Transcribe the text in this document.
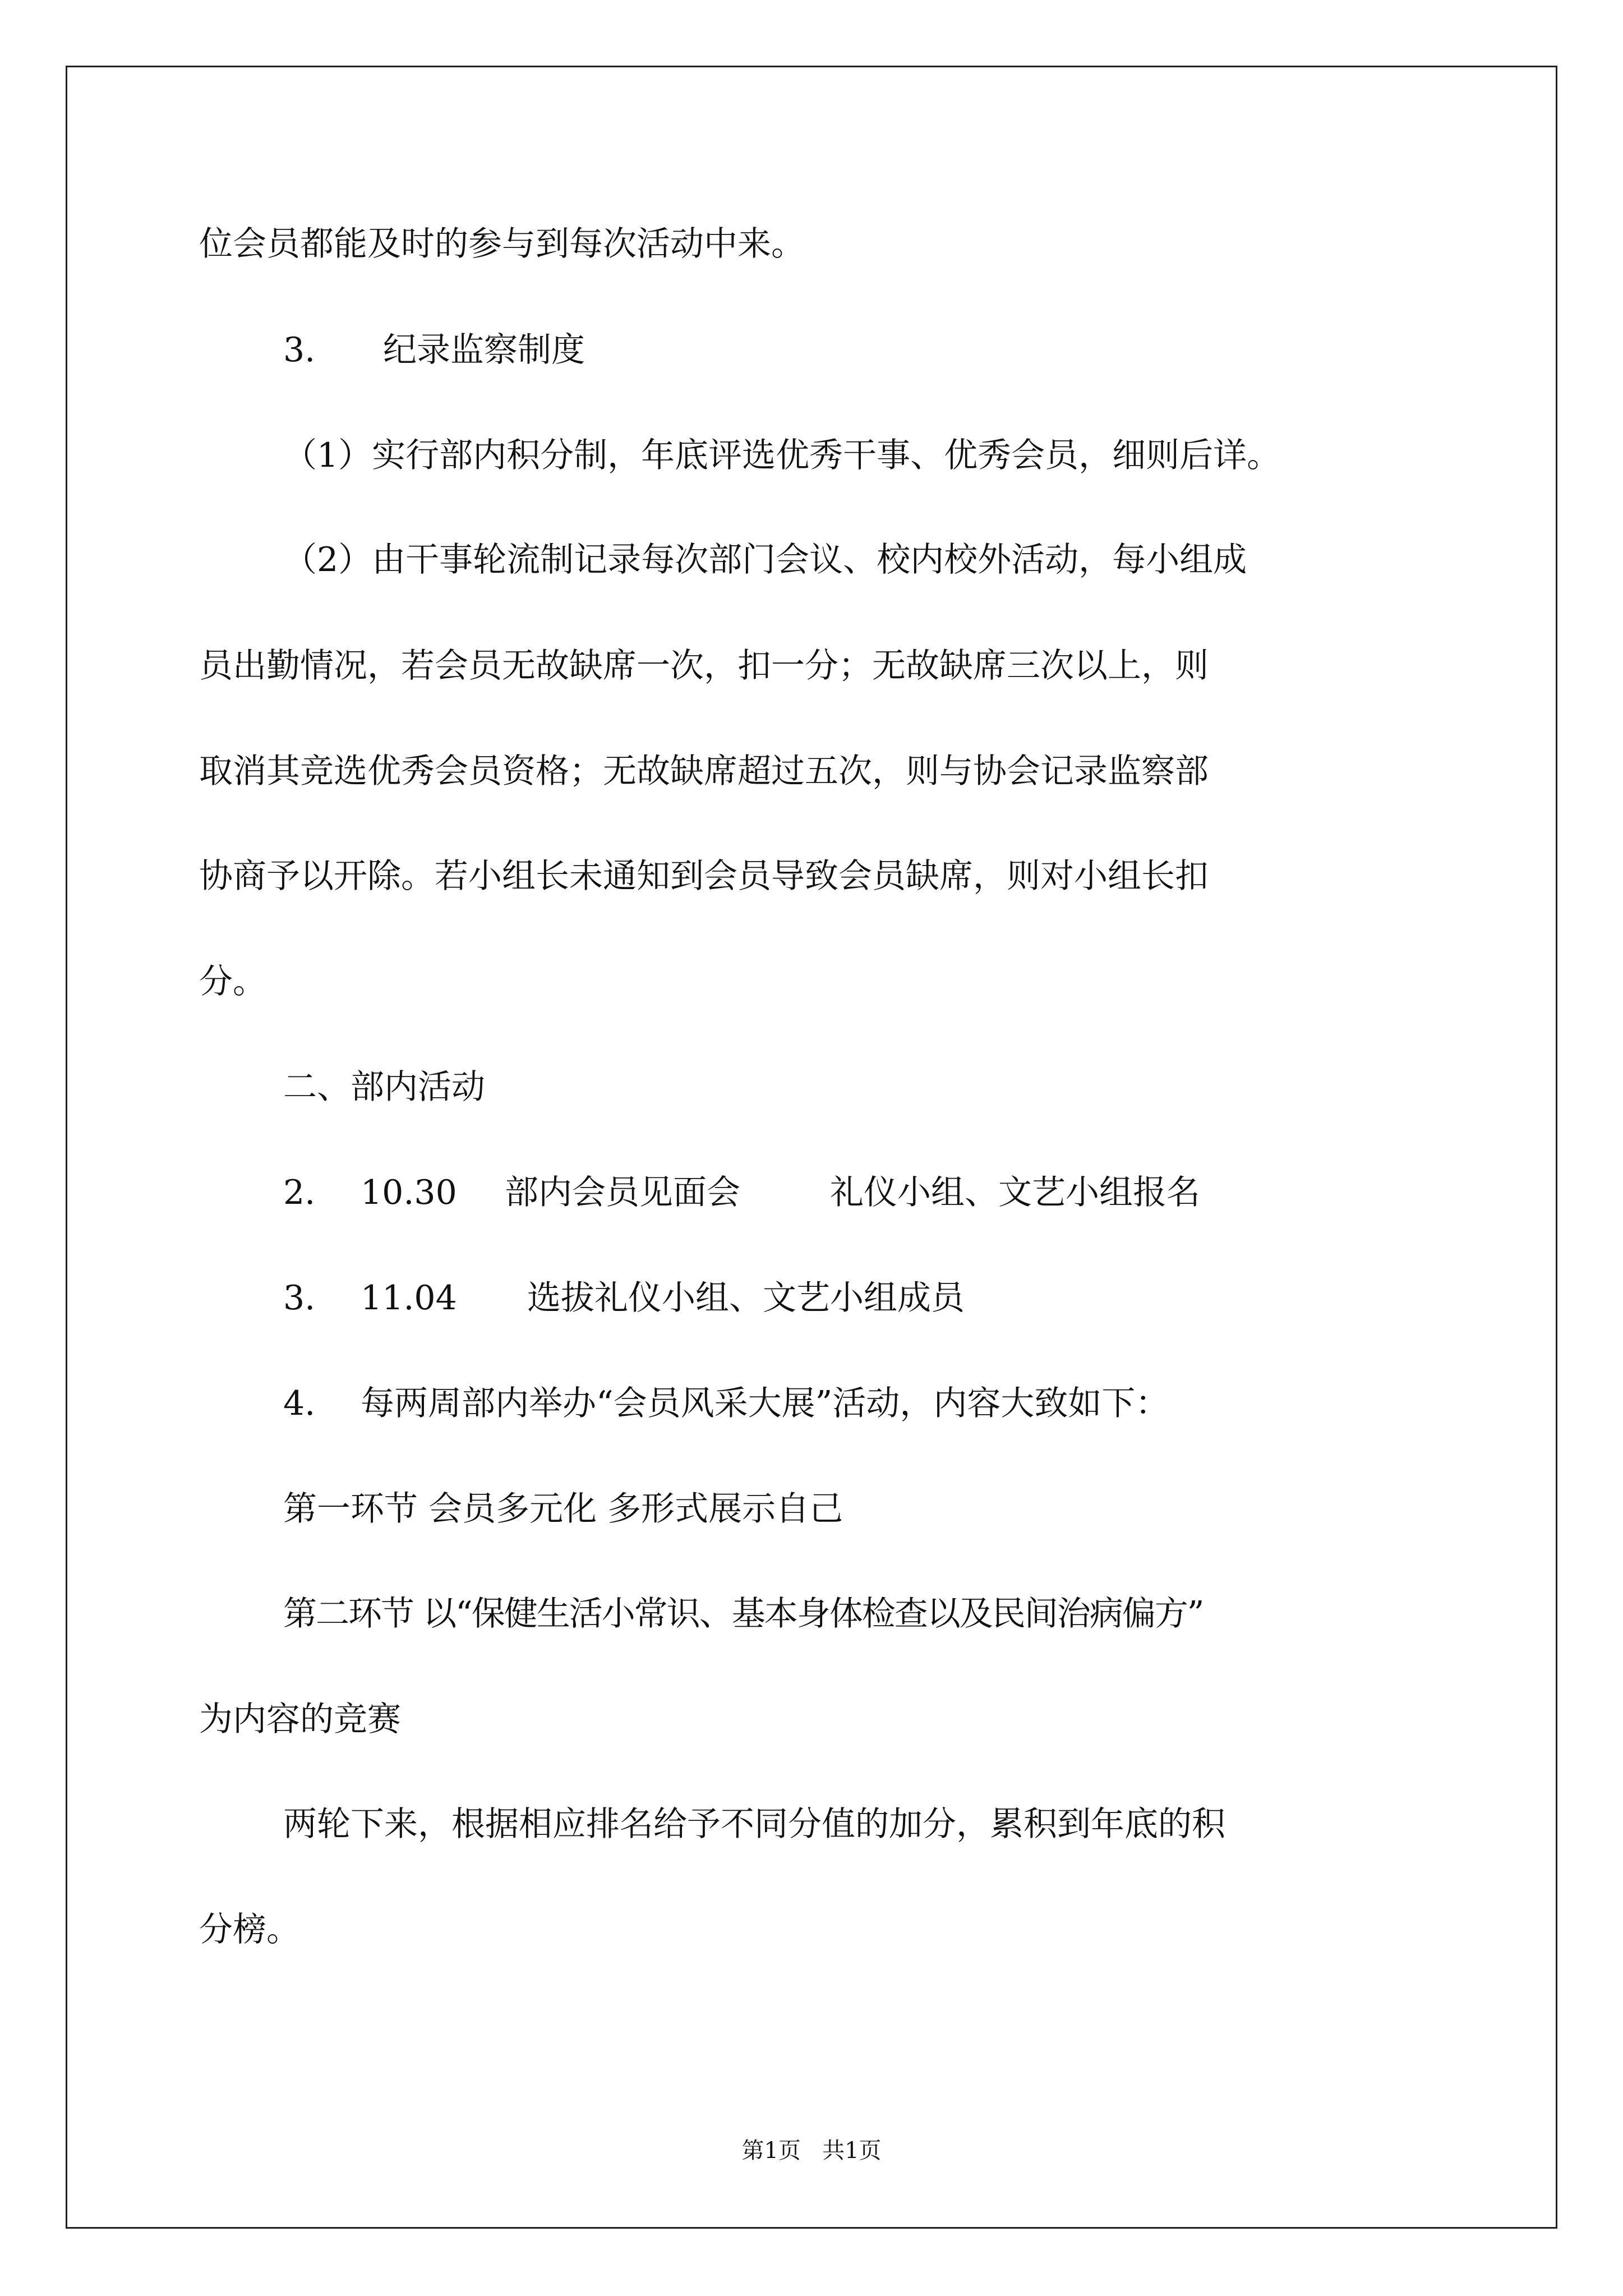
位会员都能及时的参与到每次活动中来。
3. 纪录监察制度
（1）实行部内积分制，年底评选优秀干事、优秀会员，细则后详。
（2）由干事轮流制记录每次部门会议、校内校外活动，每小组成
员出勤情况，若会员无故缺席一次，扣一分；无故缺席三次以上，则
取消其竞选优秀会员资格；无故缺席超过五次，则与协会记录监察部
协商予以开除。若小组长未通知到会员导致会员缺席，则对小组长扣
分。
二、部内活动
2. 10.30 部内会员见面会	礼仪小组、文艺小组报名
3. 11.04 选拔礼仪小组、文艺小组成员
4. 每两周部内举办“会员风采大展”活动，内容大致如下：
第一环节 会员多元化 多形式展示自己
第二环节 以“保健生活小常识、基本身体检查以及民间治病偏方”
为内容的竞赛
两轮下来，根据相应排名给予不同分值的加分，累积到年底的积
分榜。
第1页 共1页
